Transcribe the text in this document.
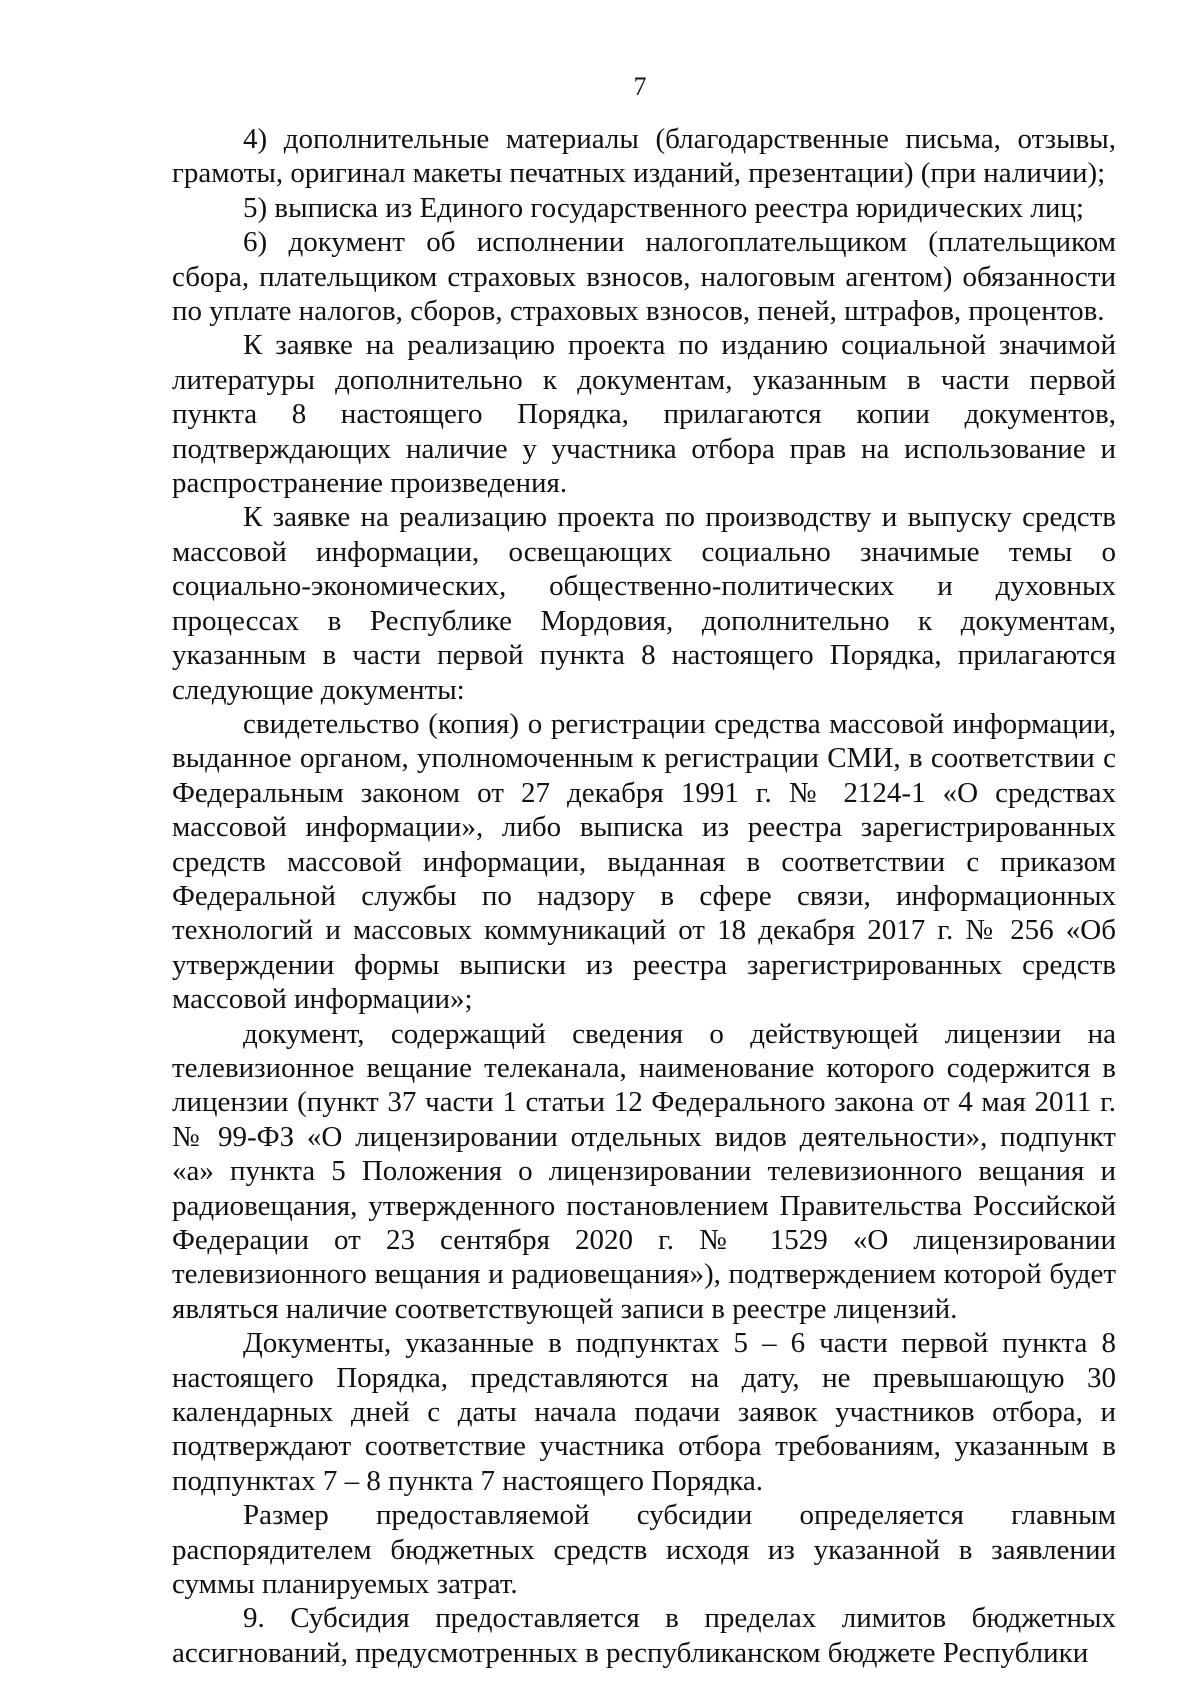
7

4) дополнительные материалы (благодарственные письма, отзывы, грамоты, оригинал макеты печатных изданий, презентации) (при наличии);

5) выписка из Единого государственного реестра юридических лиц;

6) документ об исполнении налогоплательщиком (плательщиком сбора, плательщиком страховых взносов, налоговым агентом) обязанности по уплате налогов, сборов, страховых взносов, пеней, штрафов, процентов.

К заявке на реализацию проекта по изданию социальной значимой литературы дополнительно к документам, указанным в части первой пункта 8 настоящего Порядка, прилагаются копии документов, подтверждающих наличие у участника отбора прав на использование и распространение произведения.

К заявке на реализацию проекта по производству и выпуску средств массовой информации, освещающих социально значимые темы о социально-экономических, общественно-политических и духовных процессах в Республике Мордовия, дополнительно к документам, указанным в части первой пункта 8 настоящего Порядка, прилагаются следующие документы:

свидетельство (копия) о регистрации средства массовой информации, выданное органом, уполномоченным к регистрации СМИ, в соответствии с Федеральным законом от 27 декабря 1991 г. № 2124-1 «О средствах массовой информации», либо выписка из реестра зарегистрированных средств массовой информации, выданная в соответствии с приказом Федеральной службы по надзору в сфере связи, информационных технологий и массовых коммуникаций от 18 декабря 2017 г. № 256 «Об утверждении формы выписки из реестра зарегистрированных средств массовой информации»;

документ, содержащий сведения о действующей лицензии на телевизионное вещание телеканала, наименование которого содержится в лицензии (пункт 37 части 1 статьи 12 Федерального закона от 4 мая 2011 г. № 99-ФЗ «О лицензировании отдельных видов деятельности», подпункт «а» пункта 5 Положения о лицензировании телевизионного вещания и радиовещания, утвержденного постановлением Правительства Российской Федерации от 23 сентября 2020 г. № 1529 «О лицензировании телевизионного вещания и радиовещания»), подтверждением которой будет являться наличие соответствующей записи в реестре лицензий.

Документы, указанные в подпунктах 5 – 6 части первой пункта 8 настоящего Порядка, представляются на дату, не превышающую 30 календарных дней с даты начала подачи заявок участников отбора, и подтверждают соответствие участника отбора требованиям, указанным в подпунктах 7 – 8 пункта 7 настоящего Порядка.

Размер предоставляемой субсидии определяется главным распорядителем бюджетных средств исходя из указанной в заявлении суммы планируемых затрат.

9. Субсидия предоставляется в пределах лимитов бюджетных ассигнований, предусмотренных в республиканском бюджете Республики
